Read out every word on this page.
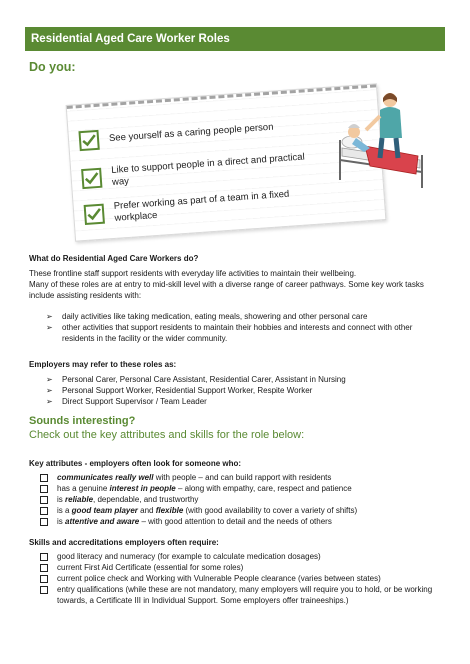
Residential Aged Care Worker Roles
Do you:
See yourself as a caring people person
Like to support people in a direct and practical way
Prefer working as part of a team in a fixed workplace
What do Residential Aged Care Workers do?
These frontline staff support residents with everyday life activities to maintain their wellbeing.
Many of these roles are at entry to mid-skill level with a diverse range of career pathways. Some key work tasks include assisting residents with:
➢ daily activities like taking medication, eating meals, showering and other personal care
➢ other activities that support residents to maintain their hobbies and interests and connect with other residents in the facility or the wider community.
Employers may refer to these roles as:
➢ Personal Carer, Personal Care Assistant, Residential Carer, Assistant in Nursing
➢ Personal Support Worker, Residential Support Worker, Respite Worker
➢ Direct Support Supervisor / Team Leader
Sounds interesting?
Check out the key attributes and skills for the role below:
Key attributes - employers often look for someone who:
communicates really well with people – and can build rapport with residents
has a genuine interest in people – along with empathy, care, respect and patience
is reliable, dependable, and trustworthy
is a good team player and flexible (with good availability to cover a variety of shifts)
is attentive and aware – with good attention to detail and the needs of others
Skills and accreditations employers often require:
good literacy and numeracy (for example to calculate medication dosages)
current First Aid Certificate (essential for some roles)
current police check and Working with Vulnerable People clearance (varies between states)
entry qualifications (while these are not mandatory, many employers will require you to hold, or be working towards, a Certificate III in Individual Support. Some employers offer traineeships.)
